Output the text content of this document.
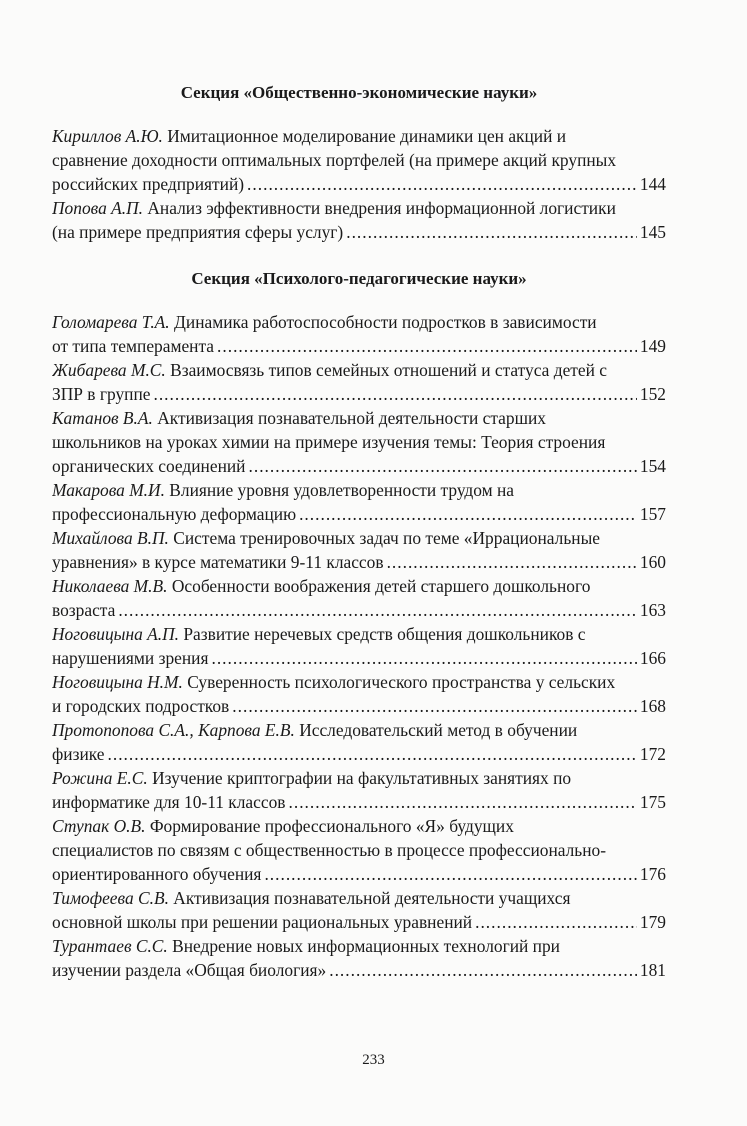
Секция «Общественно-экономические науки»
Кириллов А.Ю. Имитационное моделирование динамики цен акций и
сравнение доходности оптимальных портфелей (на примере акций крупных
российских предприятий) .....	144
Попова А.П. Анализ эффективности внедрения информационной логистики
(на примере предприятия сферы услуг) .....	145
Секция «Психолого-педагогические науки»
Голомарева Т.А. Динамика работоспособности подростков в зависимости
от типа темперамента .....	149
Жибарева М.С. Взаимосвязь типов семейных отношений и статуса детей с
ЗПР в группе .....	152
Катанов В.А. Активизация познавательной деятельности старших
школьников на уроках химии на примере изучения темы: Теория строения
органических соединений .....	154
Макарова М.И. Влияние уровня удовлетворенности трудом на
профессиональную деформацию .....	157
Михайлова В.П. Система тренировочных задач по теме «Иррациональные
уравнения» в курсе математики 9-11 классов .....	160
Николаева М.В. Особенности воображения детей старшего дошкольного
возраста .....	163
Ноговицына А.П. Развитие неречевых средств общения дошкольников с
нарушениями зрения .....	166
Ноговицына Н.М. Суверенность психологического пространства у сельских
и городских подростков .....	168
Протопопова С.А., Карпова Е.В. Исследовательский метод в обучении
физике .....	172
Рожина Е.С. Изучение криптографии на факультативных занятиях по
информатике для 10-11 классов .....	175
Ступак О.В. Формирование профессионального «Я» будущих
специалистов по связям с общественностью в процессе профессионально-
ориентированного обучения .....	176
Тимофеева С.В. Активизация познавательной деятельности учащихся
основной школы при решении рациональных уравнений .....	179
Турантаев С.С. Внедрение новых информационных технологий при
изучении раздела «Общая биология» .....	181
233
